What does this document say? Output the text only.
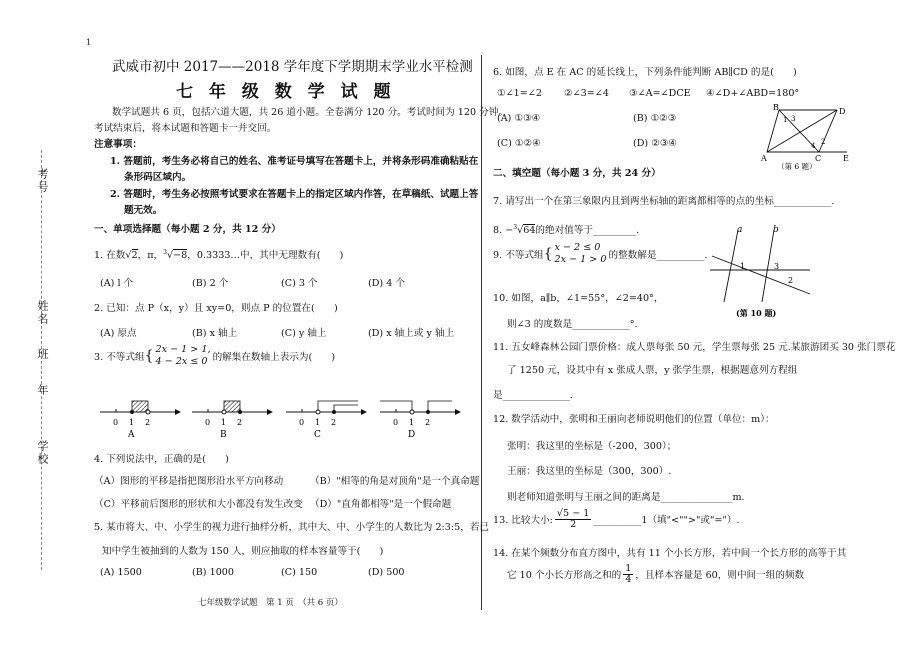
1
考号
姓名
班
年
学校
武威市初中 2017——2018 学年度下学期期末学业水平检测
七 年 级 数 学 试 题
数学试题共 6 页，包括六道大题，共 26 道小题。全卷满分 120 分。考试时间为 120 分钟。
考试结束后，将本试题和答题卡一并交回。
注意事项：
1. 答题前，考生务必将自己的姓名、准考证号填写在答题卡上，并将条形码准确粘贴在
条形码区域内。
2. 答题时，考生务必按照考试要求在答题卡上的指定区域内作答，在草稿纸、试题上答
题无效。
一、单项选择题（每小题 2 分，共 12 分）
1. 在数√2，π，$^3$√−8，0.3333…中，其中无理数有(　　)
(A) l 个	(B) 2 个	(C) 3 个	(D) 4 个
2. 已知：点 P（x，y）且 xy=0，则点 P 的位置在(　　)
(A) 原点	(B) x 轴上	(C) y 轴上	(D) x 轴上或 y 轴上
3. 不等式组{ 2x − 1 > 1,
4 − 2x ≤ 0 的解集在数轴上表示为(　　)
0 1 2
A
0 1 2
B
0 1 2
C
0 1 2
D
4. 下列说法中，正确的是(　　)
（A）图形的平移是指把图形沿水平方向移动	（B）"相等的角是对顶角"是一个真命题
（C）平移前后图形的形状和大小都没有发生改变 （D）"直角都相等"是一个假命题
5. 某市将大、中、小学生的视力进行抽样分析，其中大、中、小学生的人数比为 2:3:5，若已
知中学生被抽到的人数为 150 人，则应抽取的样本容量等于(　　)
(A) 1500	(B) 1000	(C) 150	(D) 500
七年级数学试题　第 1 页　（共 6 页）
6. 如图，点 E 在 AC 的延长线上，下列条件能判断 AB∥CD 的是(　　)
①∠1=∠2 ②∠3=∠4 ③∠A=∠DCE ④∠D+∠ABD=180°
(A) ①③④	(B) ①②③
(C) ①②④	(D) ②③④
B	D
A	C	E
1 3
2
4
（第 6 题）
二、填空题（每小题 3 分，共 24 分）
7. 请写出一个在第三象限内且到两坐标轴的距离都相等的点的坐标____________.
8. −$^3$√64的绝对值等于_________.
9. 不等式组{ x − 2 ≤ 0
2x − 1 > 0 的整数解是__________.
a	b
1	3
2
(第 10 题)
10. 如图，a∥b，∠1=55°，∠2=40°，
则∠3 的度数是____________°.
11. 五女峰森林公园门票价格：成人票每张 50 元，学生票每张 25 元.某旅游团买 30 张门票花
了 1250 元，设其中有 x 张成人票，y 张学生票，根据题意列方程组
是______________.
12. 数学活动中，张明和王丽向老师说明他们的位置（单位：m）：
张明：我这里的坐标是（-200，300）；
王丽：我这里的坐标是（300，300）.
则老师知道张明与王丽之间的距离是_______________m.
13. 比较大小: $\frac{√5 - 1}{2}$ __________1（填"<"">"或"="）.
14. 在某个频数分布直方图中，共有 11 个小长方形，若中间一个长方形的高等于其
它 10 个小长方形高之和的 $\frac{1}{4}$ ，且样本容量是 60，则中间一组的频数
